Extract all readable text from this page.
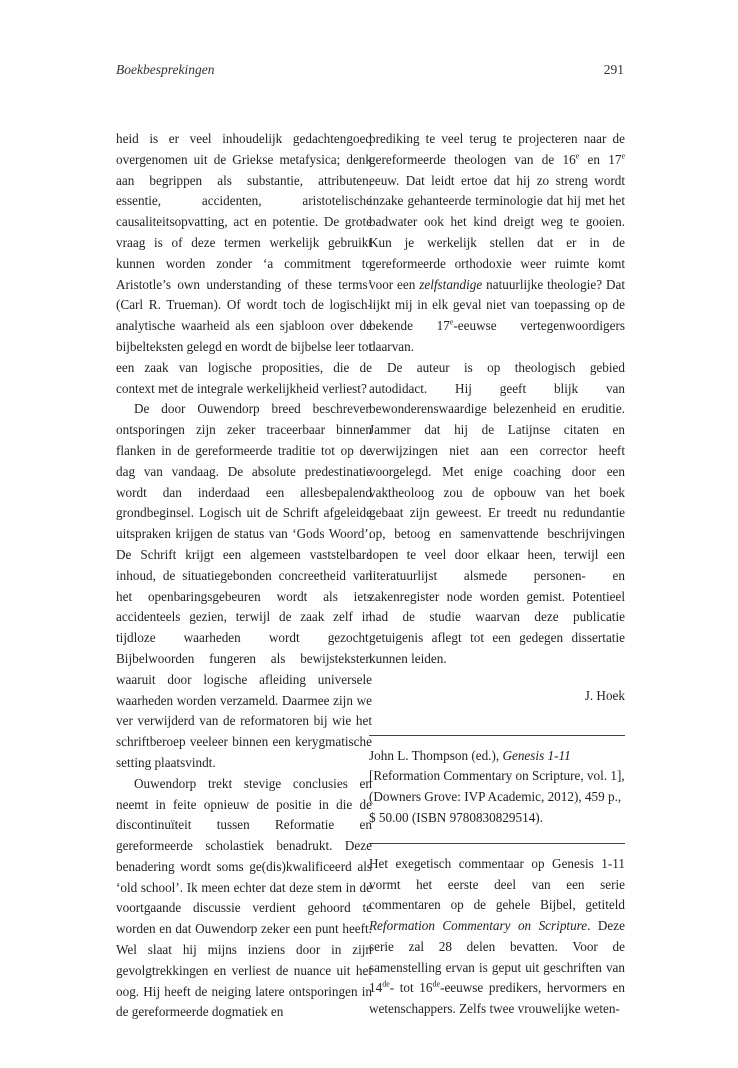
Boekbesprekingen	291

heid is er veel inhoudelijk gedachtengoed overgenomen uit de Griekse metafysica; denk aan begrippen als substantie, attributen, essentie, accidenten, aristotelische causaliteitsopvatting, act en potentie. De grote vraag is of deze termen werkelijk gebruikt kunnen worden zonder ‘a commitment to Aristotle’s own understanding of these terms’ (Carl R. Trueman). Of wordt toch de logisch-analytische waarheid als een sjabloon over de bijbelteksten gelegd en wordt de bijbelse leer tot een zaak van logische proposities, die de context met de integrale werkelijkheid verliest?

De door Ouwendorp breed beschreven ontsporingen zijn zeker traceerbaar binnen flanken in de gereformeerde traditie tot op de dag van vandaag. De absolute predestinatie wordt dan inderdaad een allesbepalend grondbeginsel. Logisch uit de Schrift afgeleide uitspraken krijgen de status van ‘Gods Woord’. De Schrift krijgt een algemeen vaststelbare inhoud, de situatiegebonden concreetheid van het openbaringsgebeuren wordt als iets accidenteels gezien, terwijl de zaak zelf in tijdloze waarheden wordt gezocht. Bijbelwoorden fungeren als bewijsteksten waaruit door logische afleiding universele waarheden worden verzameld. Daarmee zijn we ver verwijderd van de reformatoren bij wie het schriftberoep veeleer binnen een kerygmatische setting plaatsvindt.

Ouwendorp trekt stevige conclusies en neemt in feite opnieuw de positie in die de discontinuïteit tussen Reformatie en gereformeerde scholastiek benadrukt. Deze benadering wordt soms ge(dis)kwalificeerd als ‘old school’. Ik meen echter dat deze stem in de voortgaande discussie verdient gehoord te worden en dat Ouwendorp zeker een punt heeft. Wel slaat hij mijns inziens door in zijn gevolgtrekkingen en verliest de nuance uit het oog. Hij heeft de neiging latere ontsporingen in de gereformeerde dogmatiek en

prediking te veel terug te projecteren naar de gereformeerde theologen van de 16e en 17e eeuw. Dat leidt ertoe dat hij zo streng wordt inzake gehanteerde terminologie dat hij met het badwater ook het kind dreigt weg te gooien. Kun je werkelijk stellen dat er in de gereformeerde orthodoxie weer ruimte komt voor een zelfstandige natuurlijke theologie? Dat lijkt mij in elk geval niet van toepassing op de bekende 17e-eeuwse vertegenwoordigers daarvan.

De auteur is op theologisch gebied autodidact. Hij geeft blijk van bewonderenswaardige belezenheid en eruditie. Jammer dat hij de Latijnse citaten en verwijzingen niet aan een corrector heeft voorgelegd. Met enige coaching door een vaktheoloog zou de opbouw van het boek gebaat zijn geweest. Er treedt nu redundantie op, betoog en samenvattende beschrijvingen lopen te veel door elkaar heen, terwijl een literatuurlijst alsmede personen- en zakenregister node worden gemist. Potentieel had de studie waarvan deze publicatie getuigenis aflegt tot een gedegen dissertatie kunnen leiden.

J. Hoek

John L. Thompson (ed.), Genesis 1-11 [Reformation Commentary on Scripture, vol. 1], (Downers Grove: IVP Academic, 2012), 459 p., $ 50.00 (ISBN 9780830829514).

Het exegetisch commentaar op Genesis 1-11 vormt het eerste deel van een serie commentaren op de gehele Bijbel, getiteld Reformation Commentary on Scripture. Deze serie zal 28 delen bevatten. Voor de samenstelling ervan is geput uit geschriften van 14de- tot 16de-eeuwse predikers, hervormers en wetenschappers. Zelfs twee vrouwelijke weten-
